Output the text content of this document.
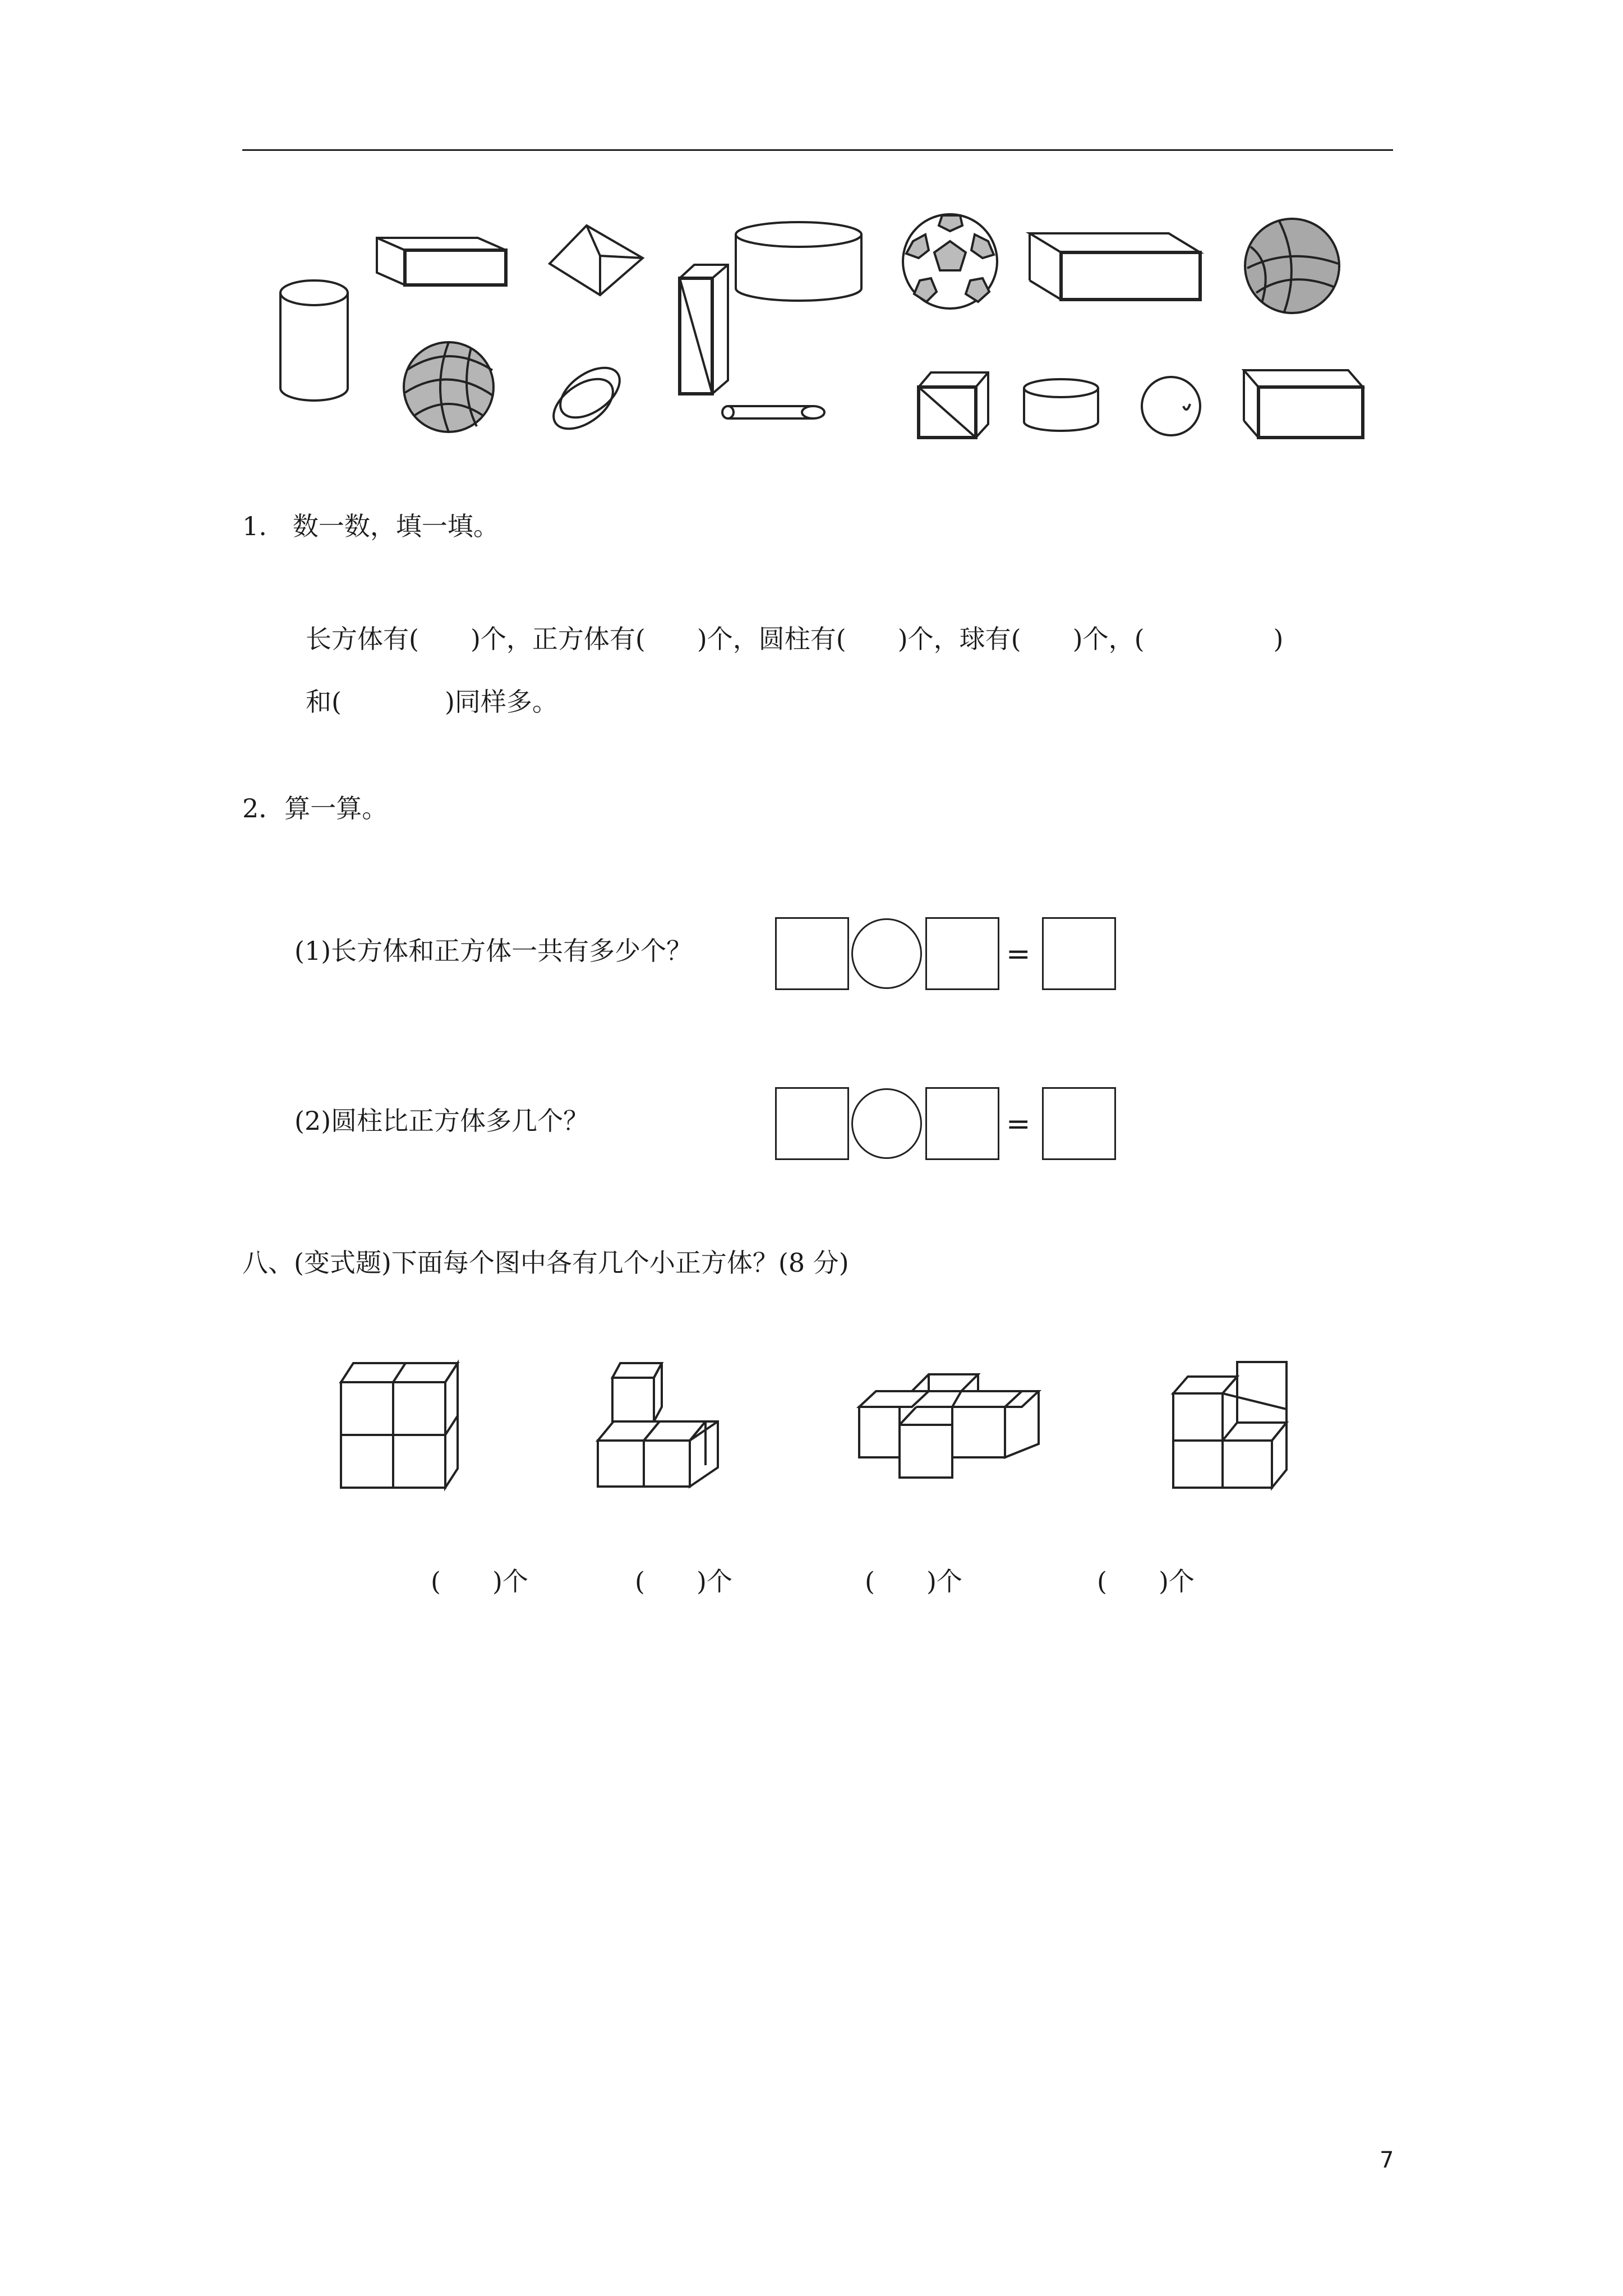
1.　数一数，填一填。
长方体有(　　)个，正方体有(　　)个，圆柱有(　　)个，球有(　　)个，(　　　　　)
和(　　　　)同样多。
2．算一算。
(1)长方体和正方体一共有多少个？
(2)圆柱比正方体多几个？
=
=
八、(变式题)下面每个图中各有几个小正方体？(8 分)
(　　)个	(　　)个	(　　)个	(　　)个
7
